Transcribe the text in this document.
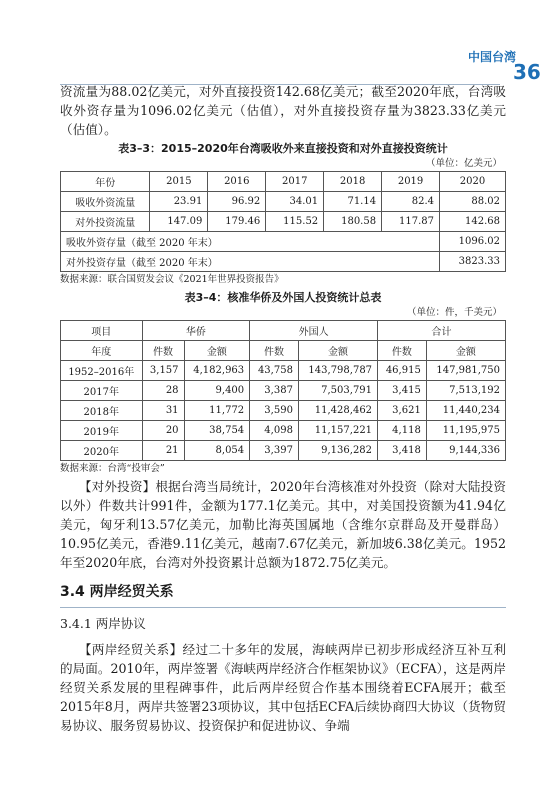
中国台湾
36

资流量为88.02亿美元，对外直接投资142.68亿美元；截至2020年底，台湾吸收外资存量为1096.02亿美元（估值），对外直接投资存量为3823.33亿美元（估值）。

表3–3：2015–2020年台湾吸收外来直接投资和对外直接投资统计
（单位：亿美元）
年份	2015	2016	2017	2018	2019	2020
吸收外资流量	23.91	96.92	34.01	71.14	82.4	88.02
对外投资流量	147.09	179.46	115.52	180.58	117.87	142.68
吸收外资存量（截至 2020 年末）						1096.02
对外投资存量（截至 2020 年末）						3823.33
数据来源：联合国贸发会议《2021年世界投资报告》
表3–4：核准华侨及外国人投资统计总表
（单位：件，千美元）
项目	华侨		外国人		合计	
年度	件数	金额	件数	金额	件数	金额
1952–2016年	3,157	4,182,963	43,758	143,798,787	46,915	147,981,750
2017年	28	9,400	3,387	7,503,791	3,415	7,513,192
2018年	31	11,772	3,590	11,428,462	3,621	11,440,234
2019年	20	38,754	4,098	11,157,221	4,118	11,195,975
2020年	21	8,054	3,397	9,136,282	3,418	9,144,336
数据来源：台湾“投审会”

【对外投资】根据台湾当局统计，2020年台湾核准对外投资（除对大陆投资以外）件数共计991件，金额为177.1亿美元。其中，对美国投资额为41.94亿美元，匈牙利13.57亿美元，加勒比海英国属地（含维尔京群岛及开曼群岛）10.95亿美元，香港9.11亿美元，越南7.67亿美元，新加坡6.38亿美元。1952年至2020年底，台湾对外投资累计总额为1872.75亿美元。

3.4 两岸经贸关系
3.4.1 两岸协议

【两岸经贸关系】经过二十多年的发展，海峡两岸已初步形成经济互补互利的局面。2010年，两岸签署《海峡两岸经济合作框架协议》（ECFA），这是两岸经贸关系发展的里程碑事件，此后两岸经贸合作基本围绕着ECFA展开；截至2015年8月，两岸共签署23项协议，其中包括ECFA后续协商四大协议（货物贸易协议、服务贸易协议、投资保护和促进协议、争端
